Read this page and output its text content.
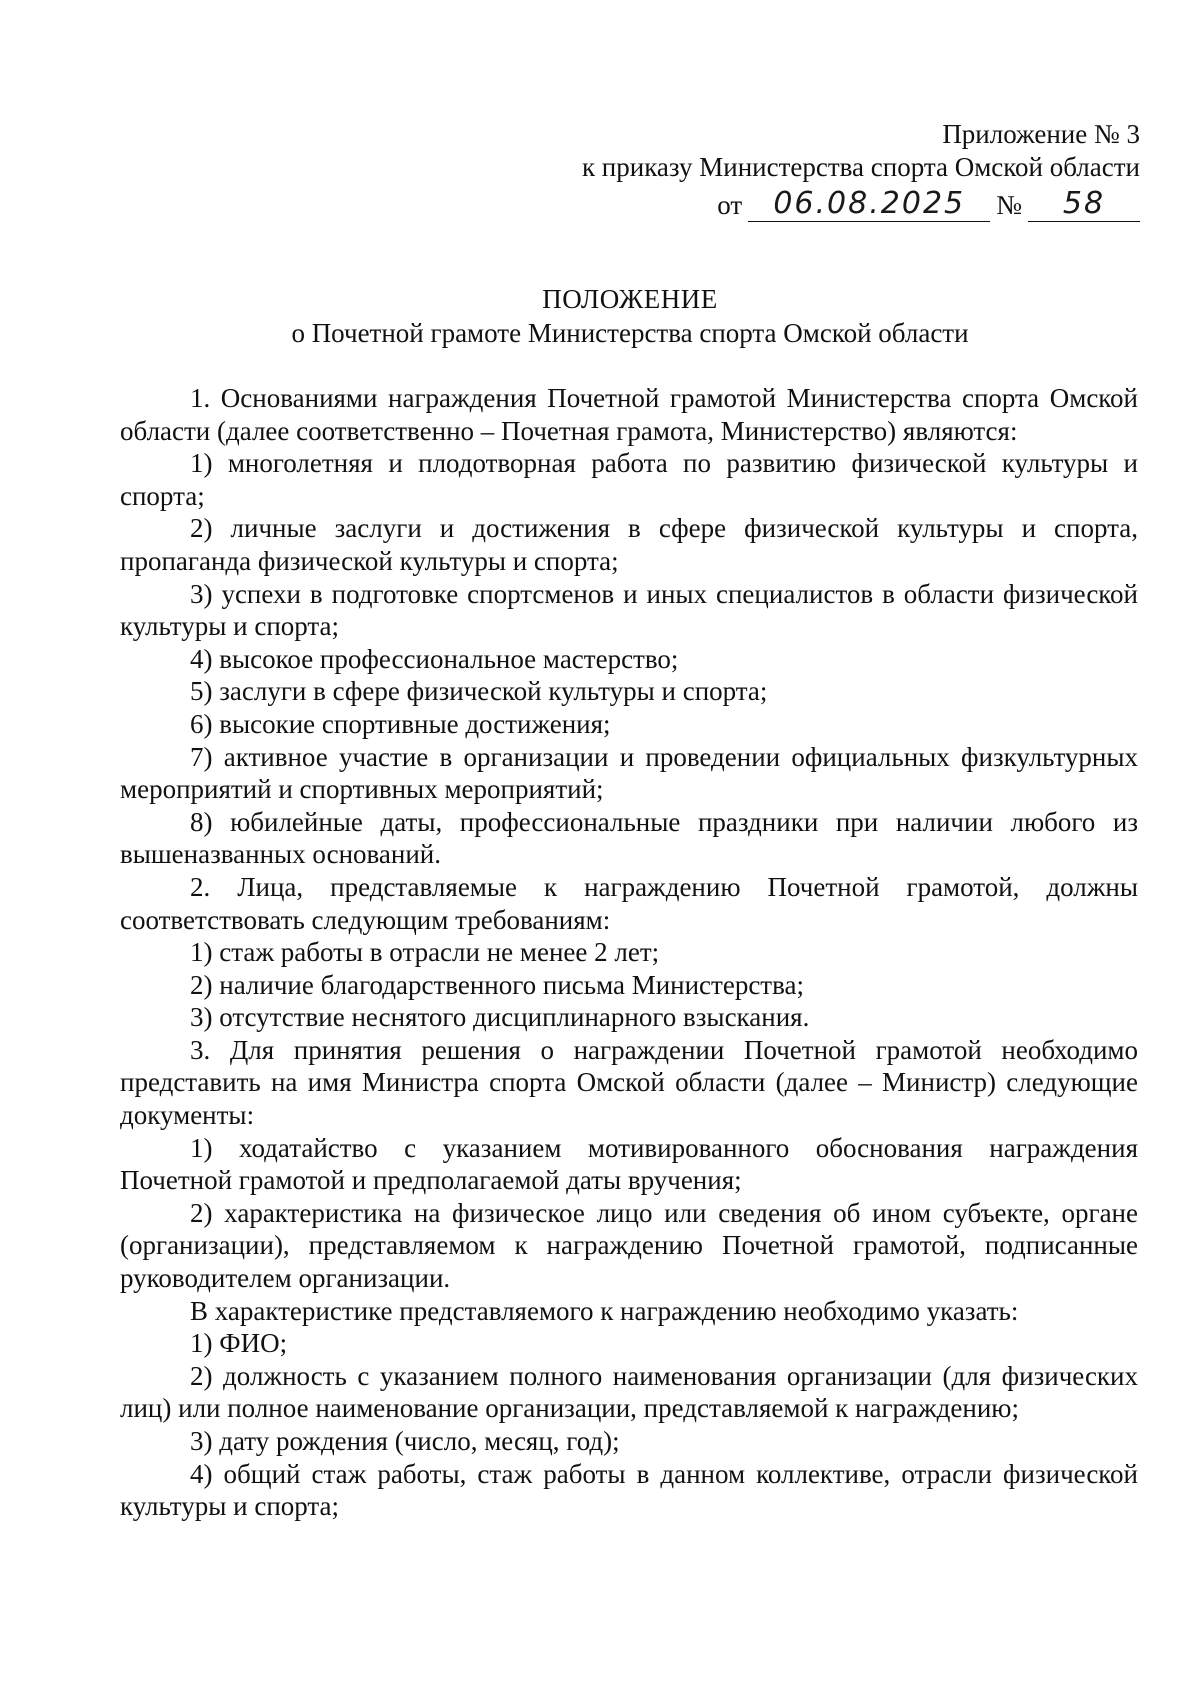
Приложение № 3
к приказу Министерства спорта Омской области
от	06.08.2025	№	58
ПОЛОЖЕНИЕ
о Почетной грамоте Министерства спорта Омской области

1. Основаниями награждения Почетной грамотой Министерства спорта Омской области (далее соответственно – Почетная грамота, Министерство) являются:

1) многолетняя и плодотворная работа по развитию физической культуры и спорта;

2) личные заслуги и достижения в сфере физической культуры и спорта, пропаганда физической культуры и спорта;

3) успехи в подготовке спортсменов и иных специалистов в области физической культуры и спорта;

4) высокое профессиональное мастерство;

5) заслуги в сфере физической культуры и спорта;

6) высокие спортивные достижения;

7) активное участие в организации и проведении официальных физкультурных мероприятий и спортивных мероприятий;

8) юбилейные даты, профессиональные праздники при наличии любого из вышеназванных оснований.

2. Лица, представляемые к награждению Почетной грамотой, должны соответствовать следующим требованиям:

1) стаж работы в отрасли не менее 2 лет;

2) наличие благодарственного письма Министерства;

3) отсутствие неснятого дисциплинарного взыскания.

3. Для принятия решения о награждении Почетной грамотой необходимо представить на имя Министра спорта Омской области (далее – Министр) следующие документы:

1) ходатайство с указанием мотивированного обоснования награждения Почетной грамотой и предполагаемой даты вручения;

2) характеристика на физическое лицо или сведения об ином субъекте, органе (организации), представляемом к награждению Почетной грамотой, подписанные руководителем организации.

В характеристике представляемого к награждению необходимо указать:

1) ФИО;

2) должность с указанием полного наименования организации (для физических лиц) или полное наименование организации, представляемой к награждению;

3) дату рождения (число, месяц, год);

4) общий стаж работы, стаж работы в данном коллективе, отрасли физической культуры и спорта;
